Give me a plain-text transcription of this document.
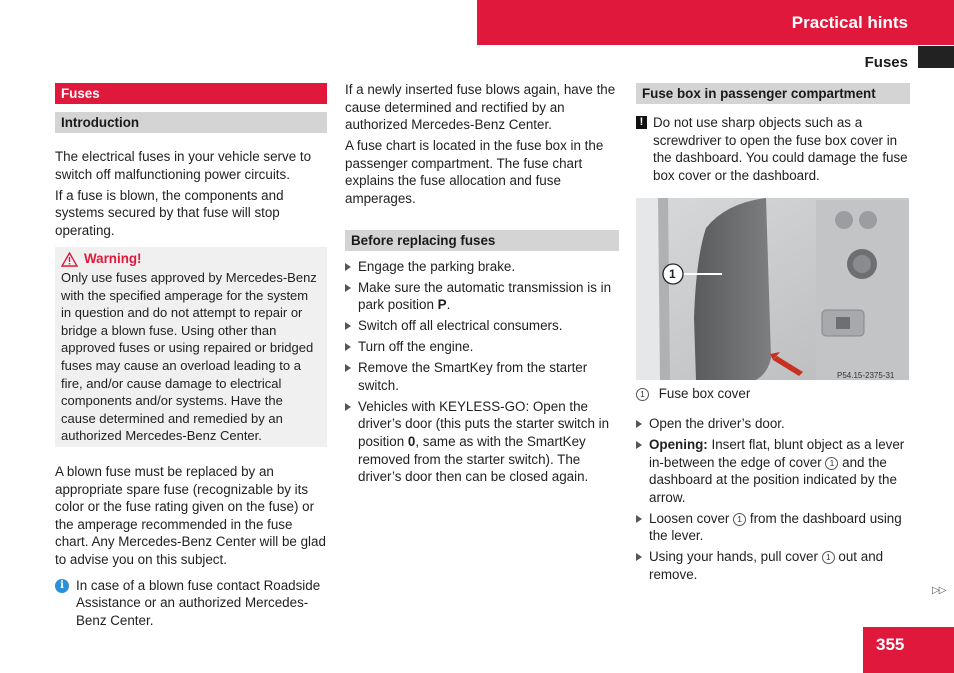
Practical hints
Fuses
Fuses
Introduction

The electrical fuses in your vehicle serve to switch off malfunctioning power circuits.

If a fuse is blown, the components and systems secured by that fuse will stop operating.

Warning!
Only use fuses approved by Mercedes-Benz with the specified amperage for the system in question and do not attempt to repair or bridge a blown fuse. Using other than approved fuses or using repaired or bridged fuses may cause an overload leading to a fire, and/or cause damage to electrical components and/or systems. Have the cause determined and remedied by an authorized Mercedes-Benz Center.

A blown fuse must be replaced by an appropriate spare fuse (recognizable by its color or the fuse rating given on the fuse) or the amperage recommended in the fuse chart. Any Mercedes-Benz Center will be glad to advise you on this subject.

i In case of a blown fuse contact Roadside Assistance or an authorized Mercedes-Benz Center.

If a newly inserted fuse blows again, have the cause determined and rectified by an authorized Mercedes-Benz Center.

A fuse chart is located in the fuse box in the passenger compartment. The fuse chart explains the fuse allocation and fuse amperages.

Before replacing fuses
Engage the parking brake.
Make sure the automatic transmission is in park position P.
Switch off all electrical consumers.
Turn off the engine.
Remove the SmartKey from the starter switch.
Vehicles with KEYLESS-GO: Open the driver’s door (this puts the starter switch in position 0, same as with the SmartKey removed from the starter switch). The driver’s door then can be closed again.
Fuse box in passenger compartment
! Do not use sharp objects such as a screwdriver to open the fuse box cover in the dashboard. You could damage the fuse box cover or the dashboard.
1
P54.15-2375-31
1 Fuse box cover
Open the driver’s door.
Opening: Insert flat, blunt object as a lever in-between the edge of cover 1 and the dashboard at the position indicated by the arrow.
Loosen cover 1 from the dashboard using the lever.
Using your hands, pull cover 1 out and remove.
▷▷
355
